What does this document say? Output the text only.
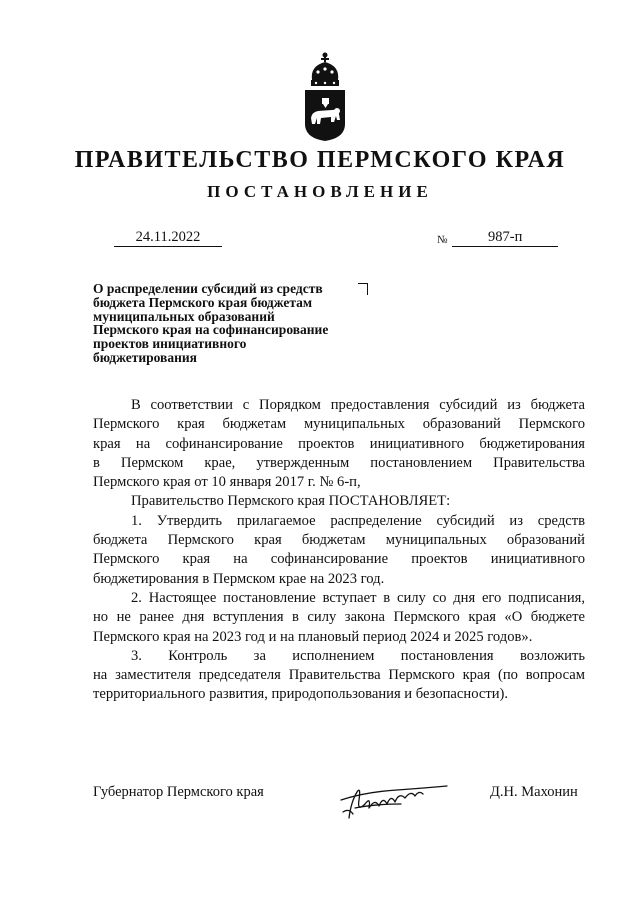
ПРАВИТЕЛЬСТВО ПЕРМСКОГО КРАЯ
ПОСТАНОВЛЕНИЕ
24.11.2022	№	987-п
О распределении субсидий из средств
бюджета Пермского края бюджетам
муниципальных образований
Пермского края на софинансирование
проектов инициативного
бюджетирования
В соответствии с Порядком предоставления субсидий из бюджета
Пермского края бюджетам муниципальных образований Пермского
края на софинансирование проектов инициативного бюджетирования
в Пермском крае, утвержденным постановлением Правительства
Пермского края от 10 января 2017 г. № 6-п,
Правительство Пермского края ПОСТАНОВЛЯЕТ:
1. Утвердить прилагаемое распределение субсидий из средств
бюджета Пермского края бюджетам муниципальных образований
Пермского края на софинансирование проектов инициативного
бюджетирования в Пермском крае на 2023 год.
2. Настоящее постановление вступает в силу со дня его подписания,
но не ранее дня вступления в силу закона Пермского края «О бюджете
Пермского края на 2023 год и на плановый период 2024 и 2025 годов».
3. Контроль за исполнением постановления возложить
на заместителя председателя Правительства Пермского края (по вопросам
территориального развития, природопользования и безопасности).
Губернатор Пермского края	Д.Н. Махонин
